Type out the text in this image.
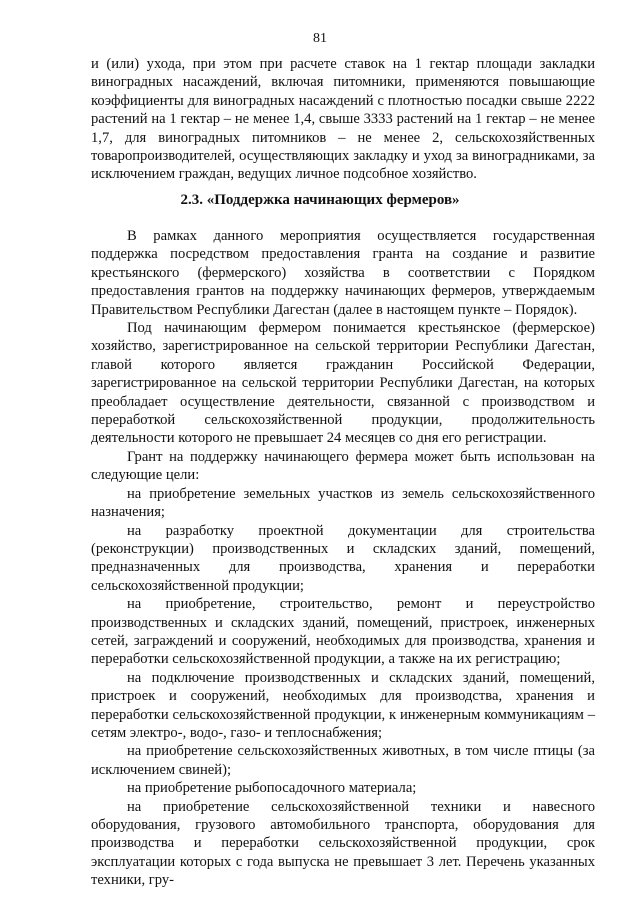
81

и (или) ухода, при этом при расчете ставок на 1 гектар площади закладки виноградных насаждений, включая питомники, применяются повышающие коэффициенты для виноградных насаждений с плотностью посадки свыше 2222 растений на 1 гектар – не менее 1,4, свыше 3333 растений на 1 гектар – не менее 1,7, для виноградных питомников – не менее 2, сельскохозяйственных товаропроизводителей, осуществляющих закладку и уход за виноградниками, за исключением граждан, ведущих личное подсобное хозяйство.

2.3. «Поддержка начинающих фермеров»

В рамках данного мероприятия осуществляется государственная поддержка посредством предоставления гранта на создание и развитие крестьянского (фермерского) хозяйства в соответствии с Порядком предоставления грантов на поддержку начинающих фермеров, утверждаемым Правительством Республики Дагестан (далее в настоящем пункте – Порядок).

Под начинающим фермером понимается крестьянское (фермерское) хозяйство, зарегистрированное на сельской территории Республики Дагестан, главой которого является гражданин Российской Федерации, зарегистрированное на сельской территории Республики Дагестан, на которых преобладает осуществление деятельности, связанной с производством и переработкой сельскохозяйственной продукции, продолжительность деятельности которого не превышает 24 месяцев со дня его регистрации.

Грант на поддержку начинающего фермера может быть использован на следующие цели:

на приобретение земельных участков из земель сельскохозяйственного назначения;

на разработку проектной документации для строительства (реконструкции) производственных и складских зданий, помещений, предназначенных для производства, хранения и переработки сельскохозяйственной продукции;

на приобретение, строительство, ремонт и переустройство производственных и складских зданий, помещений, пристроек, инженерных сетей, заграждений и сооружений, необходимых для производства, хранения и переработки сельскохозяйственной продукции, а также на их регистрацию;

на подключение производственных и складских зданий, помещений, пристроек и сооружений, необходимых для производства, хранения и переработки сельскохозяйственной продукции, к инженерным коммуникациям – сетям электро-, водо-, газо- и теплоснабжения;

на приобретение сельскохозяйственных животных, в том числе птицы (за исключением свиней);

на приобретение рыбопосадочного материала;

на приобретение сельскохозяйственной техники и навесного оборудования, грузового автомобильного транспорта, оборудования для производства и переработки сельскохозяйственной продукции, срок эксплуатации которых с года выпуска не превышает 3 лет. Перечень указанных техники, гру-
